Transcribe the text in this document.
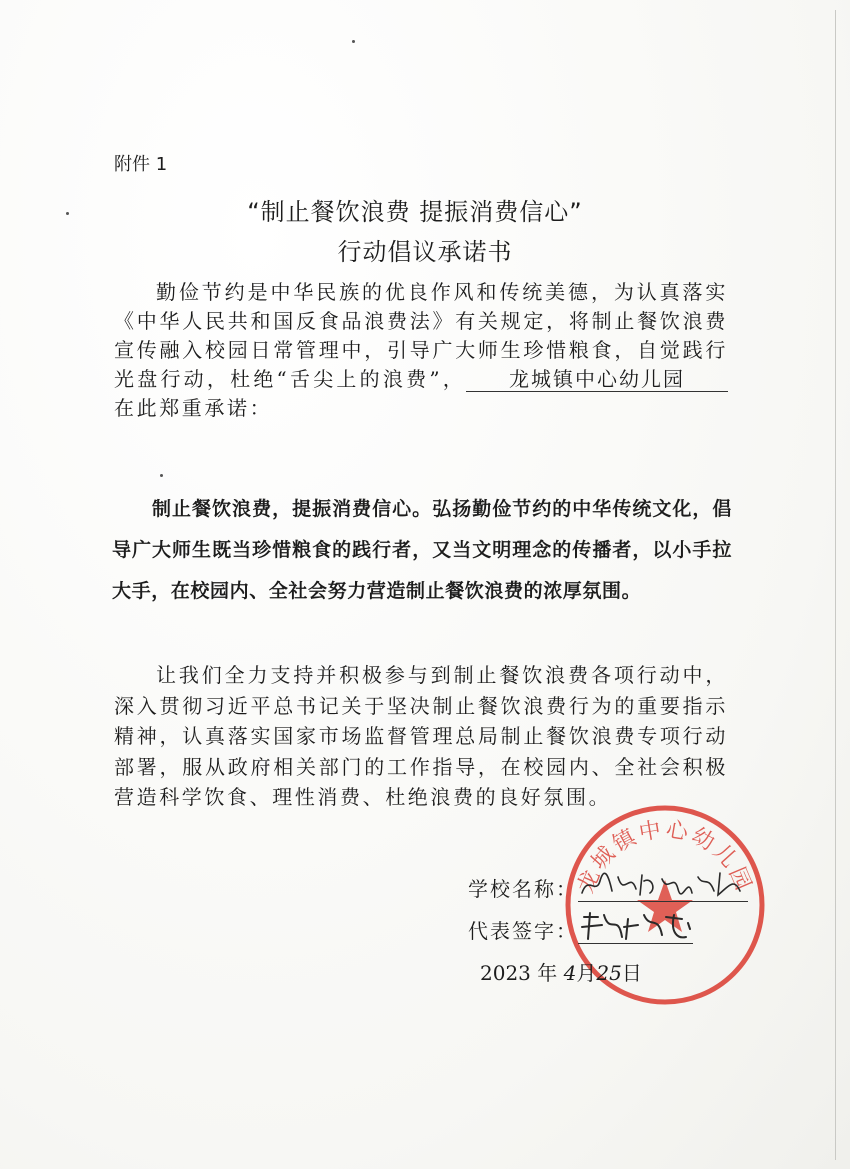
附件 1
“制止餐饮浪费 提振消费信心”
行动倡议承诺书
勤俭节约是中华民族的优良作风和传统美德，为认真落实《中华人民共和国反食品浪费法》有关规定，将制止餐饮浪费宣传融入校园日常管理中，引导广大师生珍惜粮食，自觉践行光盘行动，杜绝“舌尖上的浪费”， 龙城镇中心幼儿园在此郑重承诺：
制止餐饮浪费，提振消费信心。弘扬勤俭节约的中华传统文化，倡导广大师生既当珍惜粮食的践行者，又当文明理念的传播者，以小手拉大手，在校园内、全社会努力营造制止餐饮浪费的浓厚氛围。
让我们全力支持并积极参与到制止餐饮浪费各项行动中，深入贯彻习近平总书记关于坚决制止餐饮浪费行为的重要指示精神，认真落实国家市场监督管理总局制止餐饮浪费专项行动部署，服从政府相关部门的工作指导，在校园内、全社会积极营造科学饮食、理性消费、杜绝浪费的良好氛围。
龙城镇中心幼儿园
学校名称：
代表签字：
2023 年 4月25日
